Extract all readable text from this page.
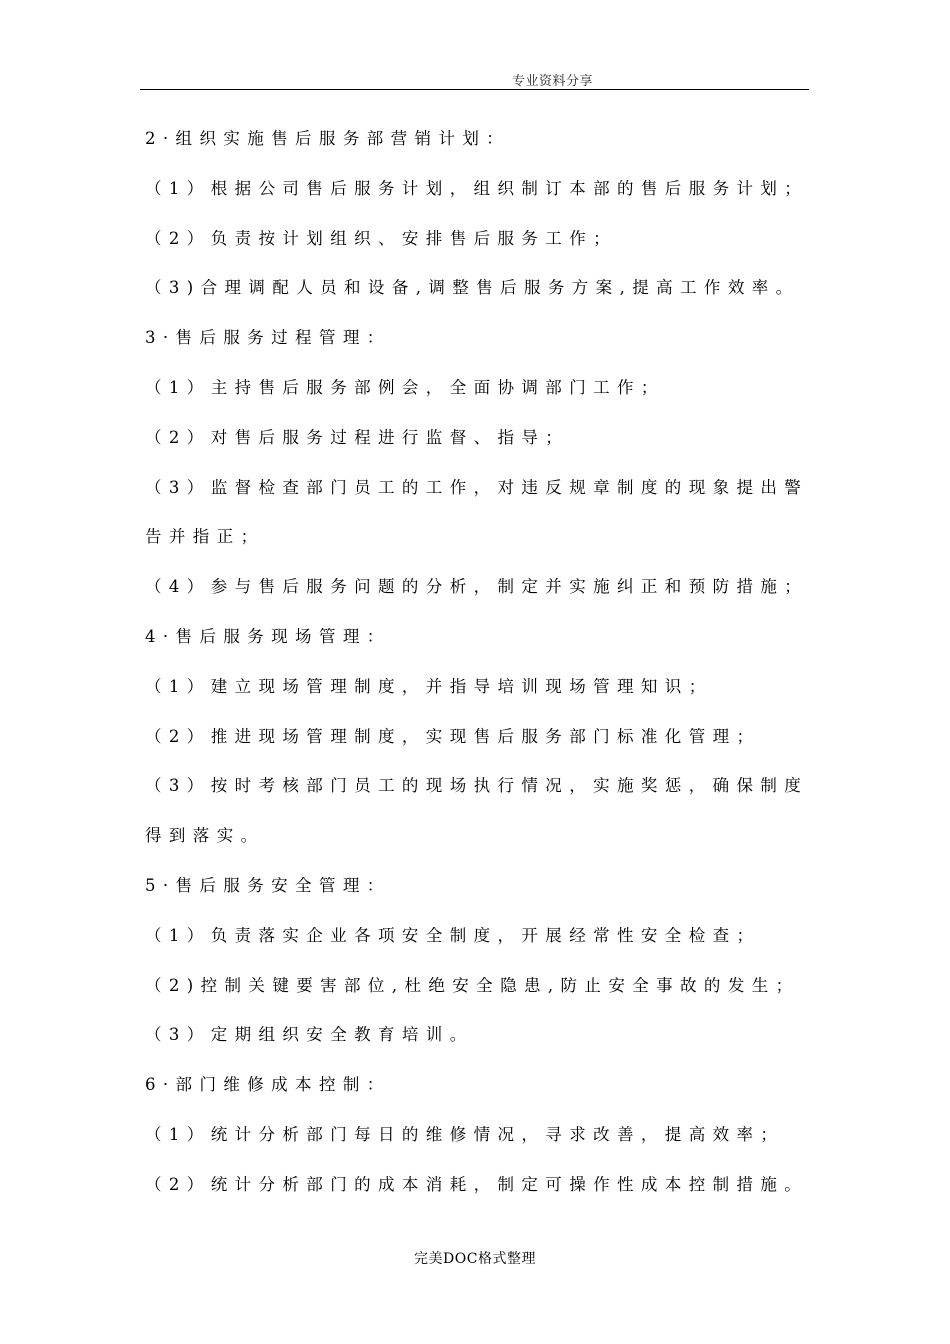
专业资料分享
2·组织实施售后服务部营销计划：
（1）根据公司售后服务计划，组织制订本部的售后服务计划；
（2）负责按计划组织、安排售后服务工作；
（3)合理调配人员和设备,调整售后服务方案,提高工作效率。
3·售后服务过程管理：
（1）主持售后服务部例会，全面协调部门工作；
（2）对售后服务过程进行监督、指导；
（3）监督检查部门员工的工作，对违反规章制度的现象提出警
告并指正；
（4）参与售后服务问题的分析，制定并实施纠正和预防措施；
4·售后服务现场管理：
（1）建立现场管理制度，并指导培训现场管理知识；
（2）推进现场管理制度，实现售后服务部门标准化管理；
（3）按时考核部门员工的现场执行情况，实施奖惩，确保制度
得到落实。
5·售后服务安全管理：
（1）负责落实企业各项安全制度，开展经常性安全检查；
（2)控制关键要害部位,杜绝安全隐患,防止安全事故的发生；
（3）定期组织安全教育培训。
6·部门维修成本控制：
（1）统计分析部门每日的维修情况，寻求改善，提高效率；
（2）统计分析部门的成本消耗，制定可操作性成本控制措施。
完美DOC格式整理
